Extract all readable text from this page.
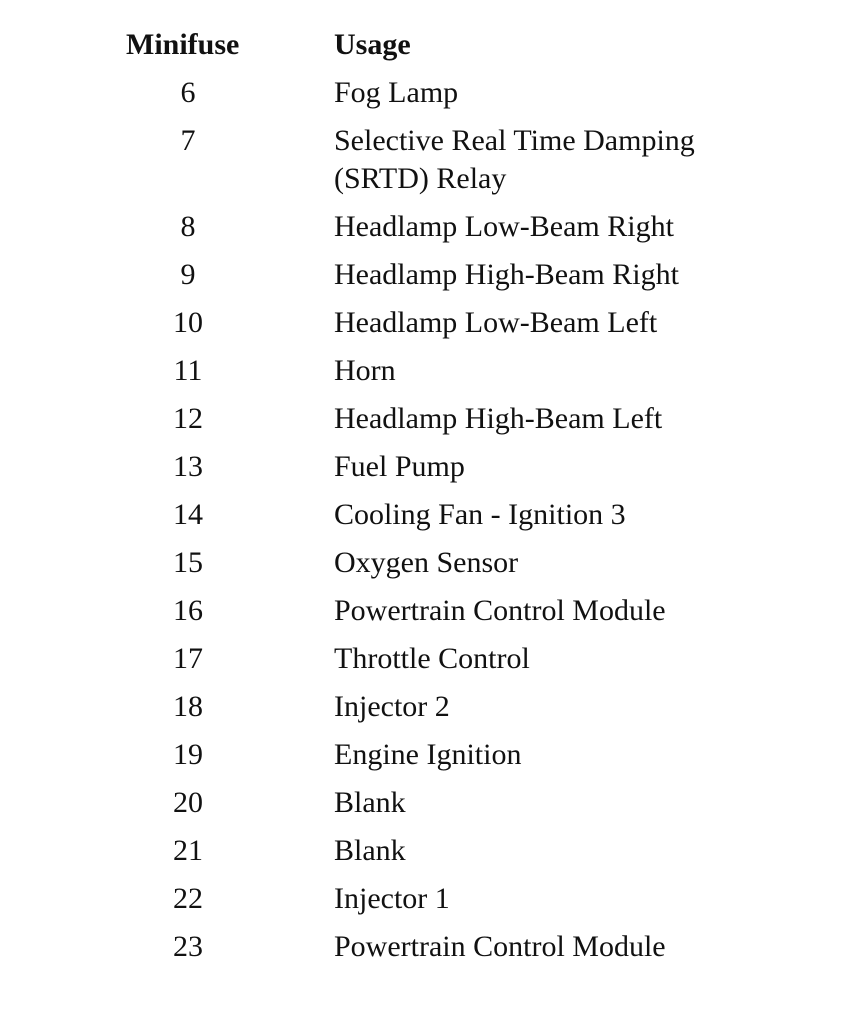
Minifuse	Usage
6	Fog Lamp
7	Selective Real Time Damping (SRTD) Relay
8	Headlamp Low-Beam Right
9	Headlamp High-Beam Right
10	Headlamp Low-Beam Left
11	Horn
12	Headlamp High-Beam Left
13	Fuel Pump
14	Cooling Fan - Ignition 3
15	Oxygen Sensor
16	Powertrain Control Module
17	Throttle Control
18	Injector 2
19	Engine Ignition
20	Blank
21	Blank
22	Injector 1
23	Powertrain Control Module
